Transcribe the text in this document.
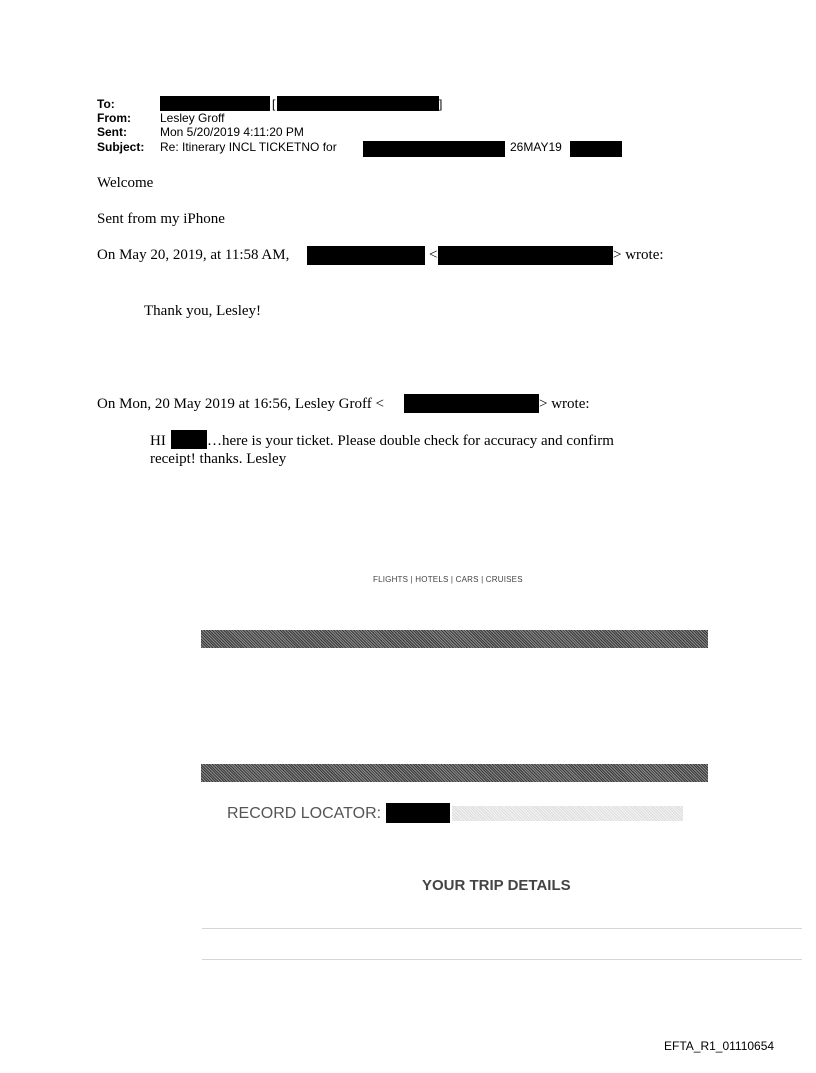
To:	[	]
From: Lesley Groff
Sent:	Mon 5/20/2019 4:11:20 PM
Subject: Re: Itinerary INCL TICKETNO for	26MAY19
Welcome
Sent from my iPhone
On May 20, 2019, at 11:58 AM,	<	> wrote:
Thank you, Lesley!
On Mon, 20 May 2019 at 16:56, Lesley Groff <	> wrote:
HI	…here is your ticket. Please double check for accuracy and confirm
receipt! thanks. Lesley
FLIGHTS | HOTELS | CARS | CRUISES
RECORD LOCATOR:
YOUR TRIP DETAILS
EFTA_R1_01110654
